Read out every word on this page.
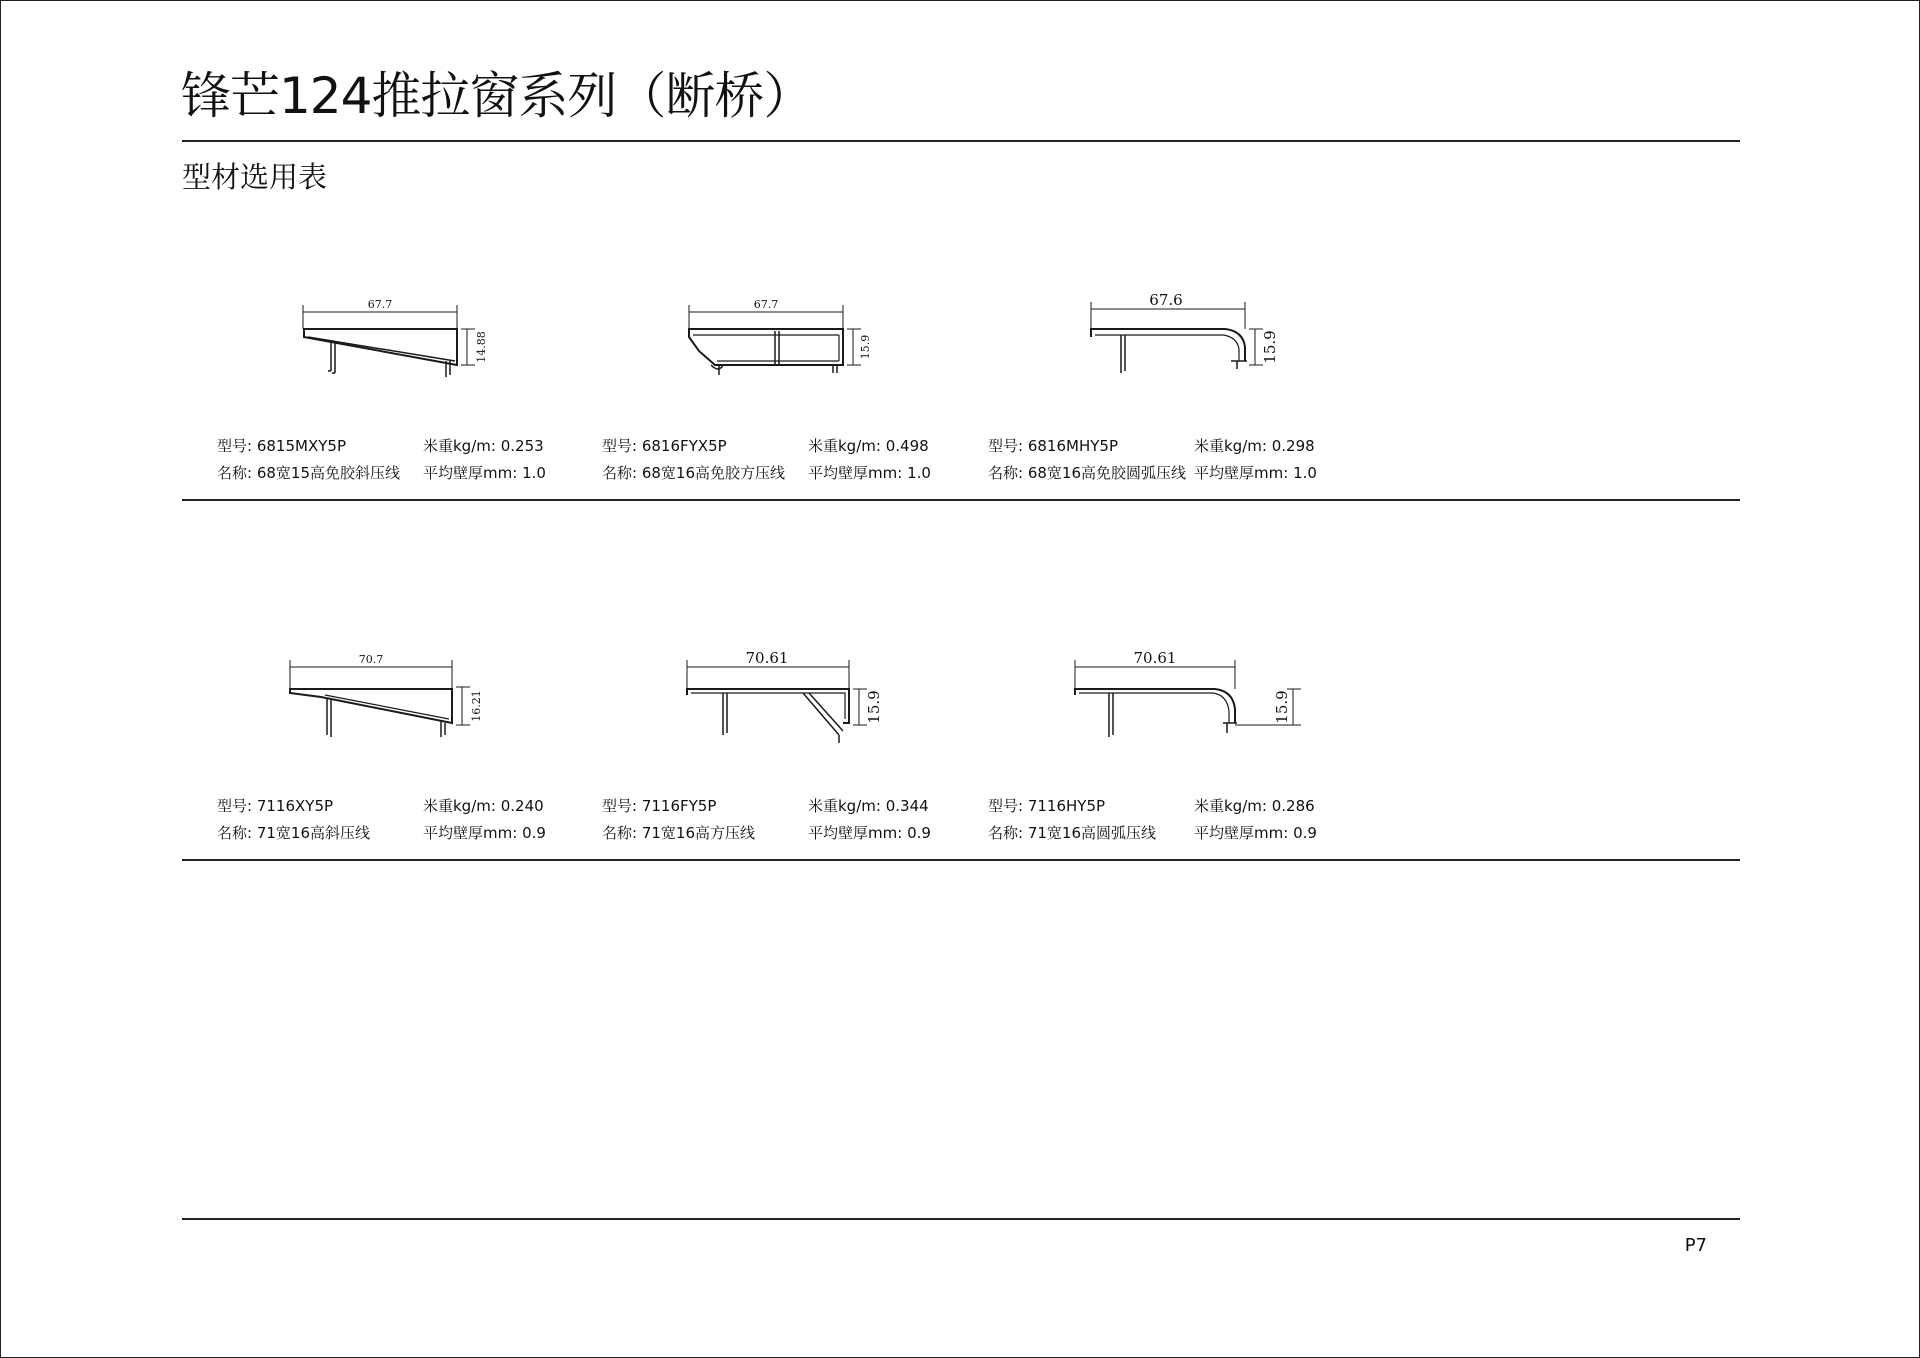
锋芒124推拉窗系列（断桥）
型材选用表
67.7
14.88
67.7
15.9
67.6
15.9
型号: 6815MXY5P	米重kg/m: 0.253
名称: 68宽15高免胶斜压线	平均壁厚mm: 1.0
型号: 6816FYX5P	米重kg/m: 0.498
名称: 68宽16高免胶方压线	平均壁厚mm: 1.0
型号: 6816MHY5P	米重kg/m: 0.298
名称: 68宽16高免胶圆弧压线 平均壁厚mm: 1.0
70.7
16.21
70.61
15.9
70.61
15.9
型号: 7116XY5P	米重kg/m: 0.240
名称: 71宽16高斜压线	平均壁厚mm: 0.9
型号: 7116FY5P	米重kg/m: 0.344
名称: 71宽16高方压线	平均壁厚mm: 0.9
型号: 7116HY5P	米重kg/m: 0.286
名称: 71宽16高圆弧压线	平均壁厚mm: 0.9
P7
